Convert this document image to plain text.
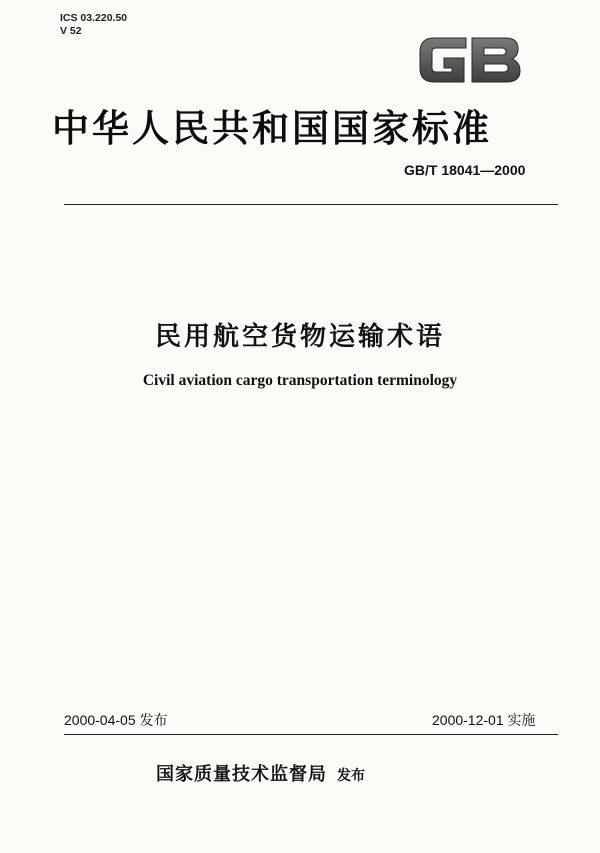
ICS 03.220.50
V 52	GB
中华人民共和国国家标准
GB/T 18041—2000
民用航空货物运输术语
Civil aviation cargo transportation terminology
2000-04-05 发布	2000-12-01 实施
国家质量技术监督局 发布
